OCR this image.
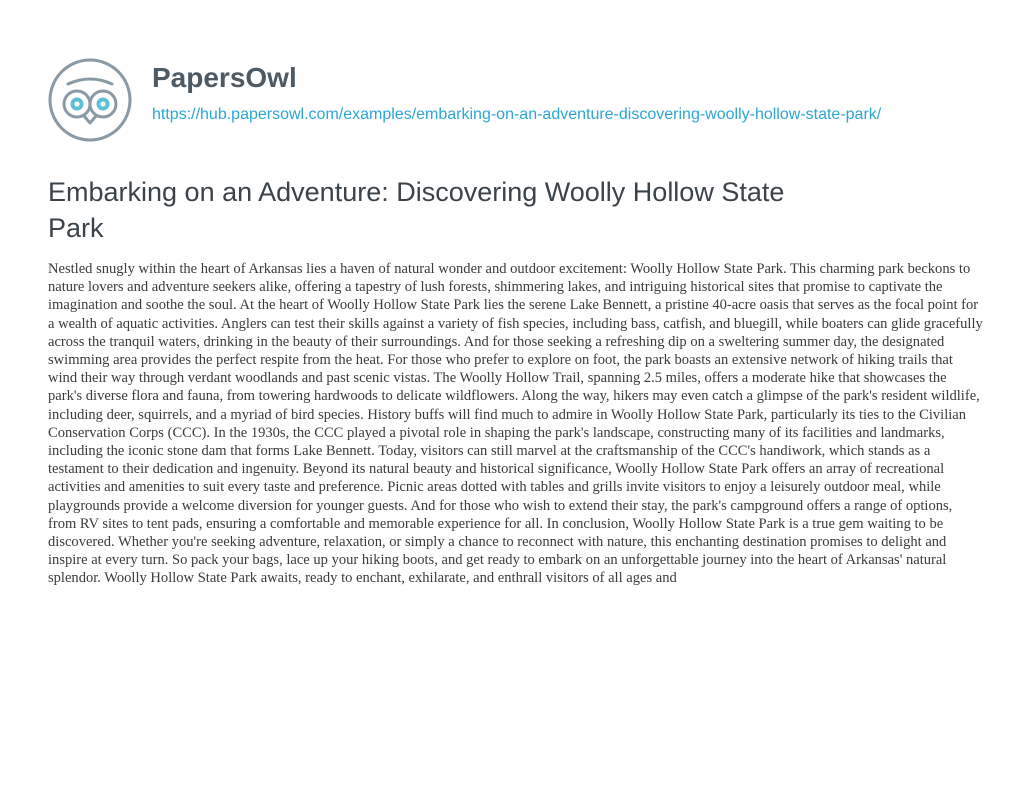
PapersOwl
https://hub.papersowl.com/examples/embarking-on-an-adventure-discovering-woolly-hollow-state-park/
Embarking on an Adventure: Discovering Woolly Hollow State Park

Nestled snugly within the heart of Arkansas lies a haven of natural wonder and outdoor excitement: Woolly Hollow State Park. This charming park beckons to nature lovers and adventure seekers alike, offering a tapestry of lush forests, shimmering lakes, and intriguing historical sites that promise to captivate the imagination and soothe the soul. At the heart of Woolly Hollow State Park lies the serene Lake Bennett, a pristine 40-acre oasis that serves as the focal point for a wealth of aquatic activities. Anglers can test their skills against a variety of fish species, including bass, catfish, and bluegill, while boaters can glide gracefully across the tranquil waters, drinking in the beauty of their surroundings. And for those seeking a refreshing dip on a sweltering summer day, the designated swimming area provides the perfect respite from the heat. For those who prefer to explore on foot, the park boasts an extensive network of hiking trails that wind their way through verdant woodlands and past scenic vistas. The Woolly Hollow Trail, spanning 2.5 miles, offers a moderate hike that showcases the park's diverse flora and fauna, from towering hardwoods to delicate wildflowers. Along the way, hikers may even catch a glimpse of the park's resident wildlife, including deer, squirrels, and a myriad of bird species. History buffs will find much to admire in Woolly Hollow State Park, particularly its ties to the Civilian Conservation Corps (CCC). In the 1930s, the CCC played a pivotal role in shaping the park's landscape, constructing many of its facilities and landmarks, including the iconic stone dam that forms Lake Bennett. Today, visitors can still marvel at the craftsmanship of the CCC's handiwork, which stands as a testament to their dedication and ingenuity. Beyond its natural beauty and historical significance, Woolly Hollow State Park offers an array of recreational activities and amenities to suit every taste and preference. Picnic areas dotted with tables and grills invite visitors to enjoy a leisurely outdoor meal, while playgrounds provide a welcome diversion for younger guests. And for those who wish to extend their stay, the park's campground offers a range of options, from RV sites to tent pads, ensuring a comfortable and memorable experience for all. In conclusion, Woolly Hollow State Park is a true gem waiting to be discovered. Whether you're seeking adventure, relaxation, or simply a chance to reconnect with nature, this enchanting destination promises to delight and inspire at every turn. So pack your bags, lace up your hiking boots, and get ready to embark on an unforgettable journey into the heart of Arkansas' natural splendor. Woolly Hollow State Park awaits, ready to enchant, exhilarate, and enthrall visitors of all ages and
